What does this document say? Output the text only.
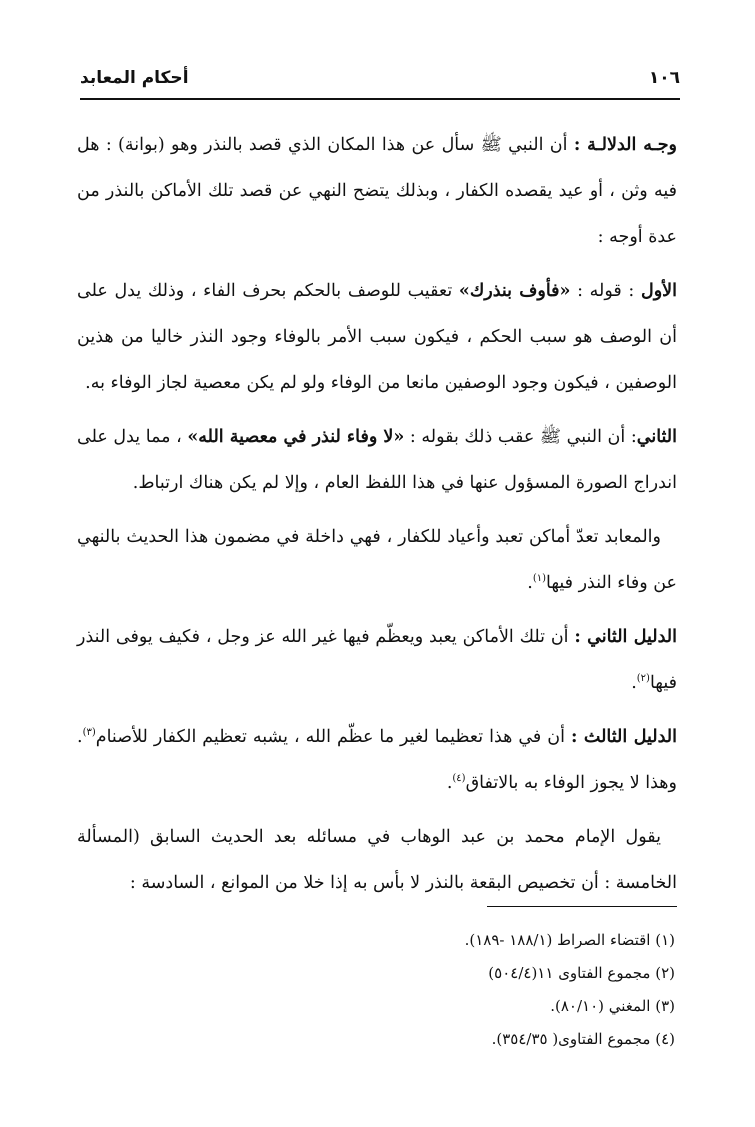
١٠٦
أحكام المعابد

وجـه الدلالـة : أن النبي ﷺ سأل عن هذا المكان الذي قصد بالنذر وهو (بوانة) : هل فيه وثن ، أو عيد يقصده الكفار ، وبذلك يتضح النهي عن قصد تلك الأماكن بالنذر من عدة أوجه :

الأول : قوله : «فأوف بنذرك» تعقيب للوصف بالحكم بحرف الفاء ، وذلك يدل على أن الوصف هو سبب الحكم ، فيكون سبب الأمر بالوفاء وجود النذر خاليا من هذين الوصفين ، فيكون وجود الوصفين مانعا من الوفاء ولو لم يكن معصية لجاز الوفاء به.

الثاني: أن النبي ﷺ عقب ذلك بقوله : «لا وفاء لنذر في معصية الله» ، مما يدل على اندراج الصورة المسؤول عنها في هذا اللفظ العام ، وإلا لم يكن هناك ارتباط.

والمعابد تعدّ أماكن تعبد وأعياد للكفار ، فهي داخلة في مضمون هذا الحديث بالنهي عن وفاء النذر فيها$^{(١)}$.

الدليل الثاني : أن تلك الأماكن يعبد ويعظّم فيها غير الله عز وجل ، فكيف يوفى النذر فيها$^{(٢)}$.

الدليل الثالث : أن في هذا تعظيما لغير ما عظّم الله ، يشبه تعظيم الكفار للأصنام$^{(٣)}$. وهذا لا يجوز الوفاء به بالاتفاق$^{(٤)}$.

يقول الإمام محمد بن عبد الوهاب في مسائله بعد الحديث السابق (المسألة الخامسة : أن تخصيص البقعة بالنذر لا بأس به إذا خلا من الموانع ، السادسة :

(١) اقتضاء الصراط (١٨٨/١ -١٨٩).
(٢) مجموع الفتاوى ١١(٥٠٤/٤)
(٣) المغني (٨٠/١٠).
(٤) مجموع الفتاوى( ٣٥٤/٣٥).
